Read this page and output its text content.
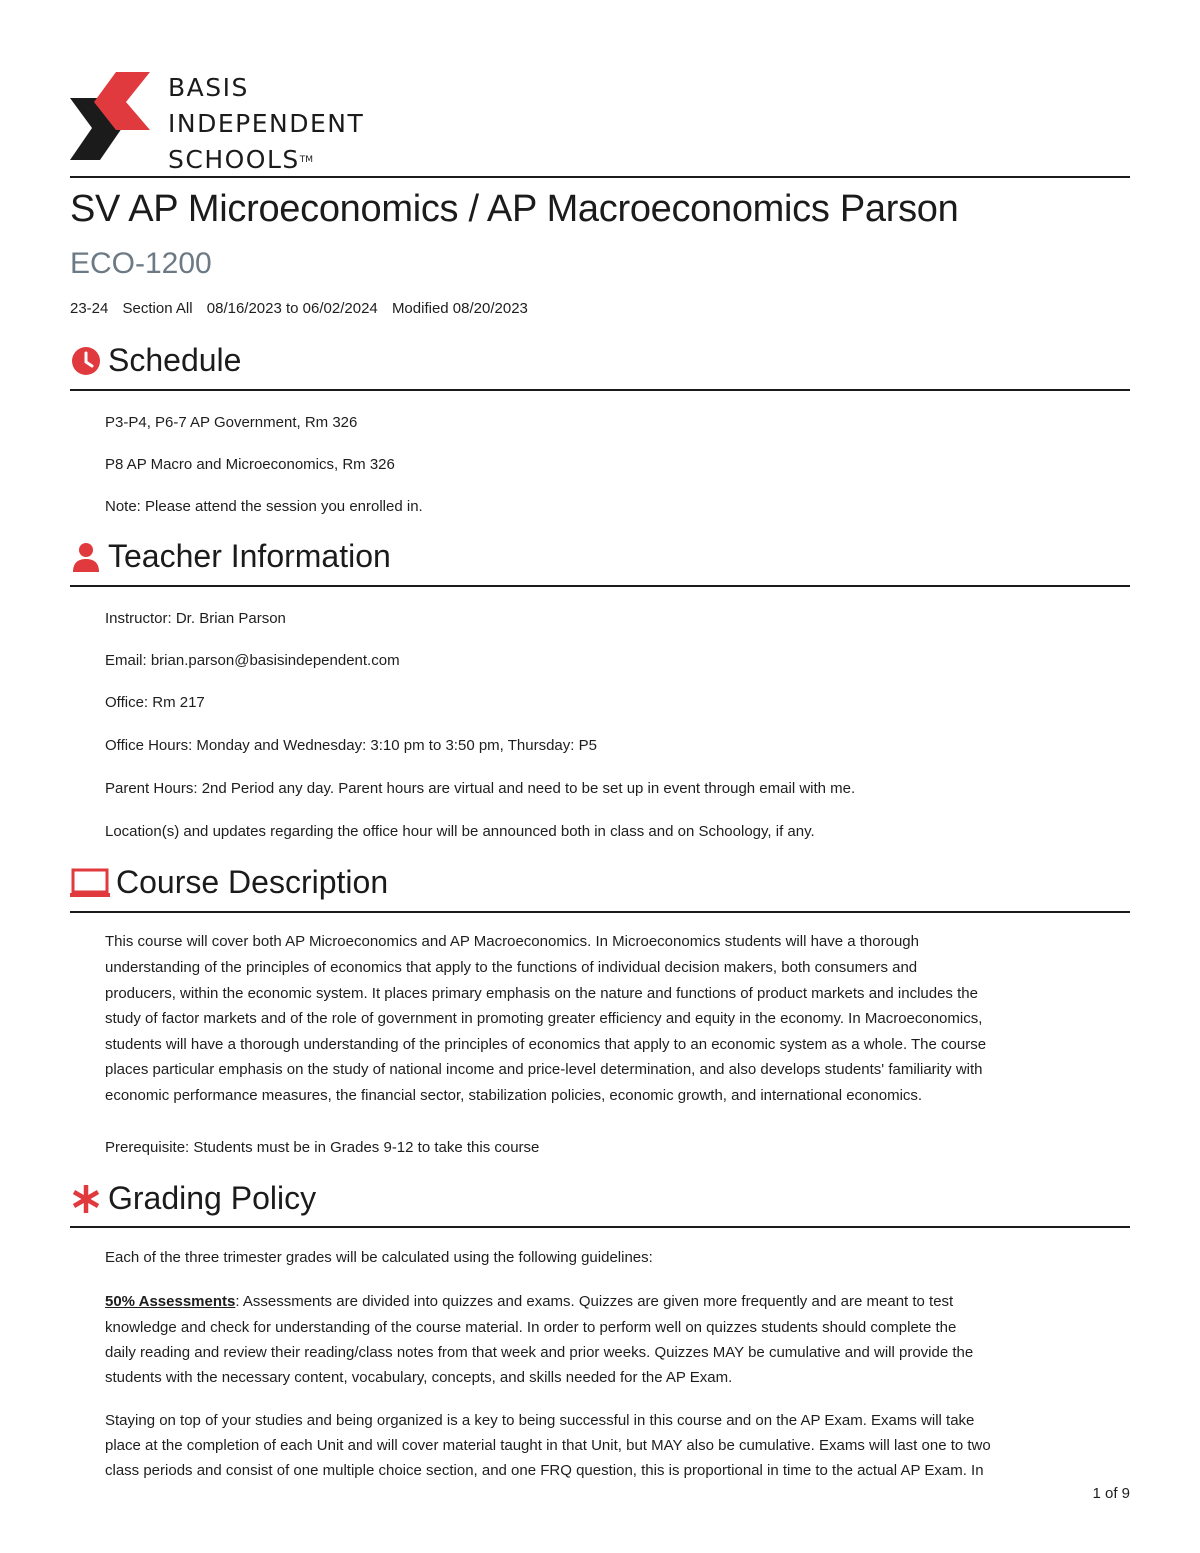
BASIS
INDEPENDENT
SCHOOLS™
SV AP Microeconomics / AP Macroeconomics Parson
ECO-1200
23-24 Section All 08/16/2023 to 06/02/2024 Modified 08/20/2023
Schedule

P3-P4, P6-7 AP Government, Rm 326

P8 AP Macro and Microeconomics, Rm 326

Note: Please attend the session you enrolled in.

Teacher Information

Instructor: Dr. Brian Parson

Email: brian.parson@basisindependent.com

Office: Rm 217

Office Hours: Monday and Wednesday: 3:10 pm to 3:50 pm, Thursday: P5

Parent Hours: 2nd Period any day. Parent hours are virtual and need to be set up in event through email with me.

Location(s) and updates regarding the office hour will be announced both in class and on Schoology, if any.

Course Description

This course will cover both AP Microeconomics and AP Macroeconomics. In Microeconomics students will have a thorough

understanding of the principles of economics that apply to the functions of individual decision makers, both consumers and

producers, within the economic system. It places primary emphasis on the nature and functions of product markets and includes the

study of factor markets and of the role of government in promoting greater efficiency and equity in the economy. In Macroeconomics,

students will have a thorough understanding of the principles of economics that apply to an economic system as a whole. The course

places particular emphasis on the study of national income and price-level determination, and also develops students' familiarity with

economic performance measures, the financial sector, stabilization policies, economic growth, and international economics.

Prerequisite: Students must be in Grades 9-12 to take this course

Grading Policy

Each of the three trimester grades will be calculated using the following guidelines:

50% Assessments: Assessments are divided into quizzes and exams. Quizzes are given more frequently and are meant to test

knowledge and check for understanding of the course material. In order to perform well on quizzes students should complete the

daily reading and review their reading/class notes from that week and prior weeks. Quizzes MAY be cumulative and will provide the

students with the necessary content, vocabulary, concepts, and skills needed for the AP Exam.

Staying on top of your studies and being organized is a key to being successful in this course and on the AP Exam. Exams will take

place at the completion of each Unit and will cover material taught in that Unit, but MAY also be cumulative. Exams will last one to two

class periods and consist of one multiple choice section, and one FRQ question, this is proportional in time to the actual AP Exam. In

1 of 9
